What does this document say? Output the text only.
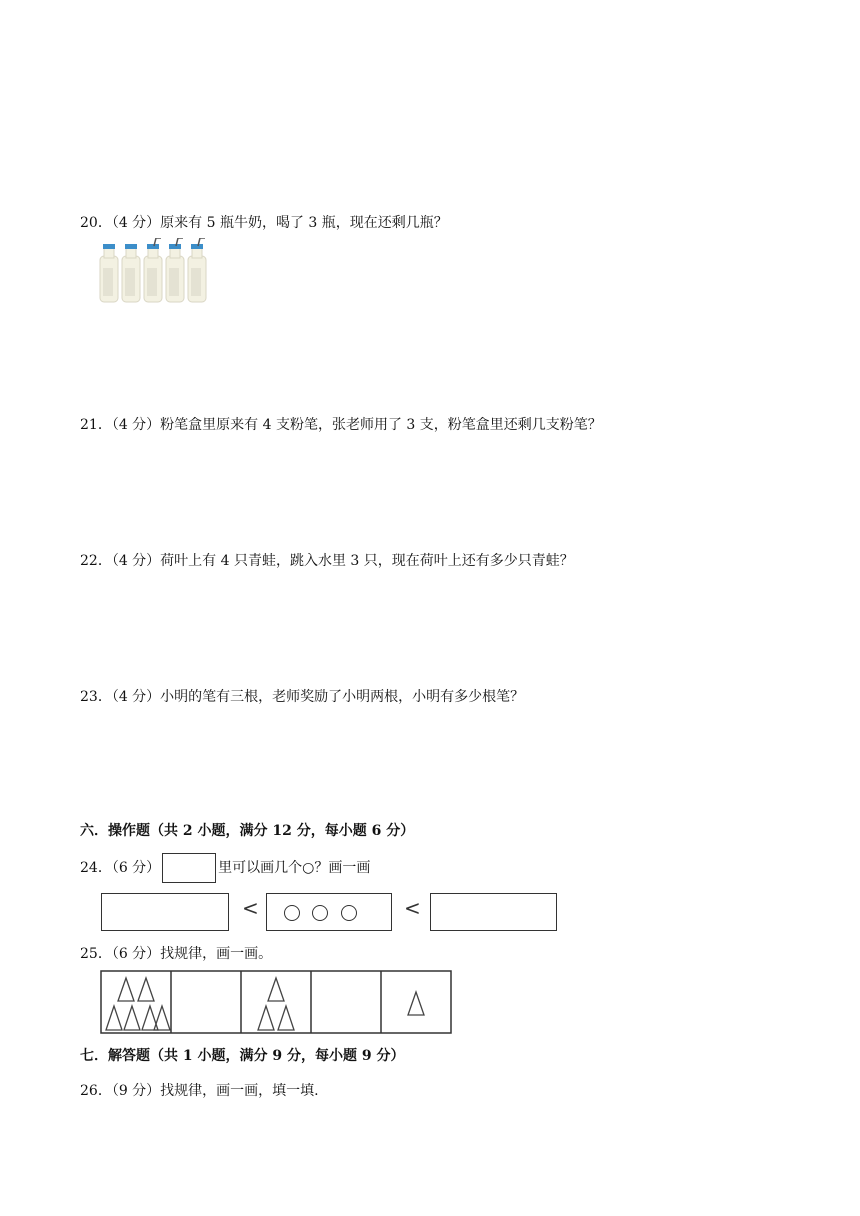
20．（4 分）原来有 5 瓶牛奶，喝了 3 瓶，现在还剩几瓶？
21．（4 分）粉笔盒里原来有 4 支粉笔，张老师用了 3 支，粉笔盒里还剩几支粉笔？
22．（4 分）荷叶上有 4 只青蛙，跳入水里 3 只，现在荷叶上还有多少只青蛙？
23．（4 分）小明的笔有三根，老师奖励了小明两根，小明有多少根笔？
六．操作题（共 2 小题，满分 12 分，每小题 6 分）
24．（6 分）	里可以画几个○？画一画
<	<
25．（6 分）找规律，画一画。
七．解答题（共 1 小题，满分 9 分，每小题 9 分）
26．（9 分）找规律，画一画，填一填.
